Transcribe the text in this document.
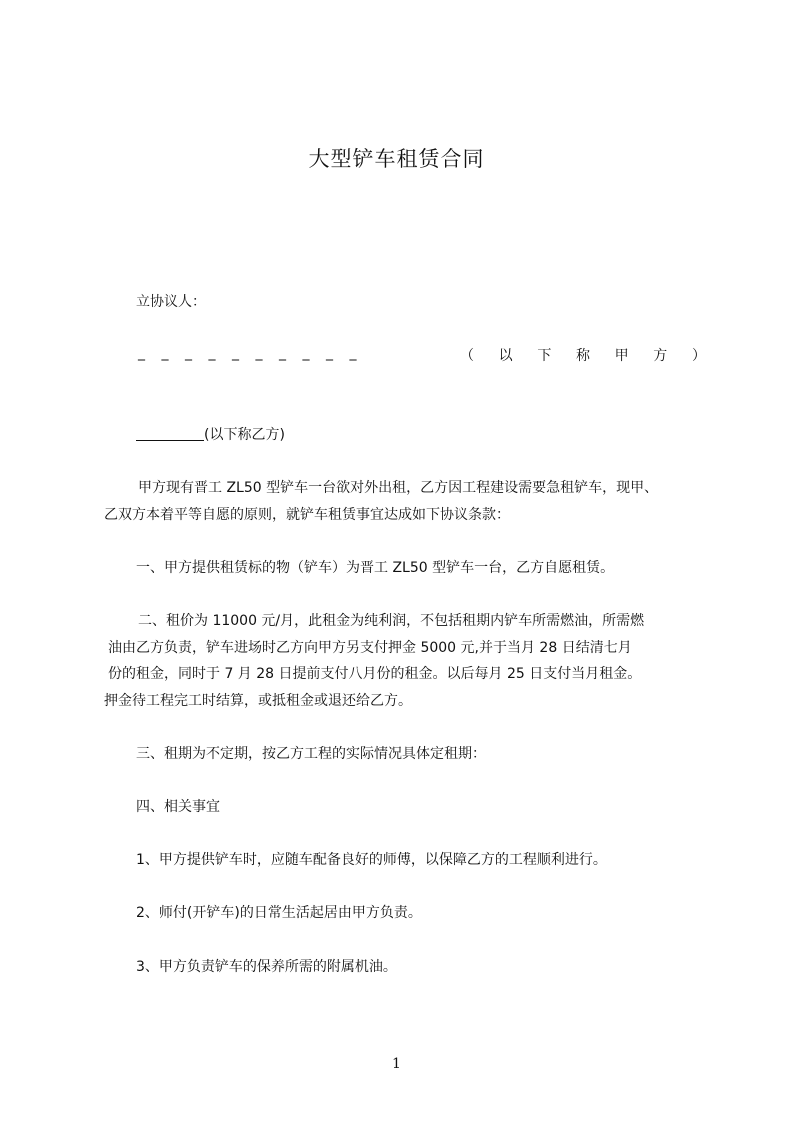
大型铲车租赁合同

立协议人：

__________	（ 以 下 称 甲 方 ）

(以下称乙方)

甲方现有晋工 ZL50 型铲车一台欲对外出租，乙方因工程建设需要急租铲车，现甲、

乙双方本着平等自愿的原则，就铲车租赁事宜达成如下协议条款：

一、甲方提供租赁标的物（铲车）为晋工 ZL50 型铲车一台，乙方自愿租赁。

二、租价为 11000 元/月，此租金为纯利润，不包括租期内铲车所需燃油，所需燃

油由乙方负责，铲车进场时乙方向甲方另支付押金 5000 元,并于当月 28 日结清七月

份的租金，同时于 7 月 28 日提前支付八月份的租金。以后每月 25 日支付当月租金。

押金待工程完工时结算，或抵租金或退还给乙方。

三、租期为不定期，按乙方工程的实际情况具体定租期：

四、相关事宜

1、甲方提供铲车时，应随车配备良好的师傅，以保障乙方的工程顺利进行。

2、师付(开铲车)的日常生活起居由甲方负责。

3、甲方负责铲车的保养所需的附属机油。

1
